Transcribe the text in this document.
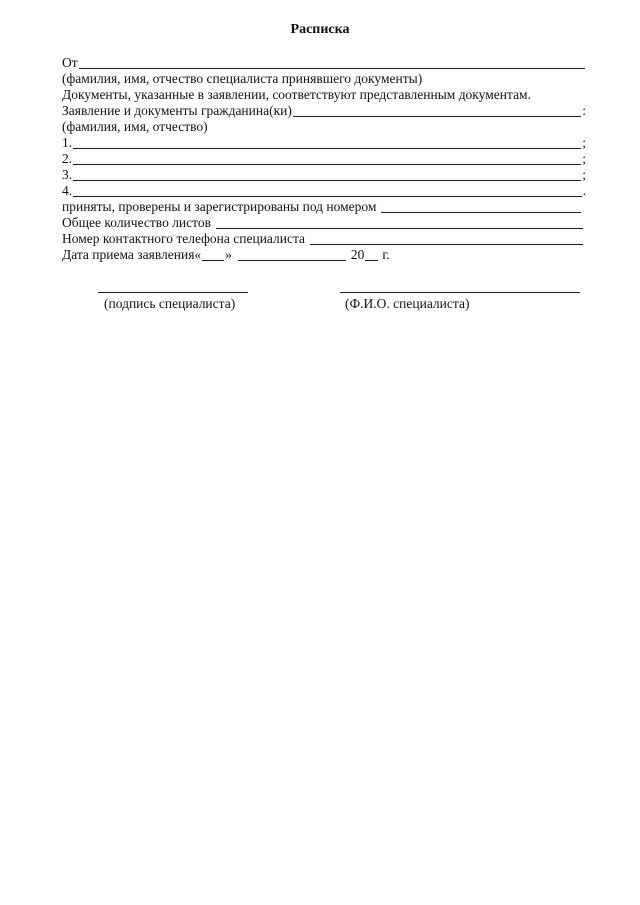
Расписка
От
(фамилия, имя, отчество специалиста принявшего документы)
Документы, указанные в заявлении, соответствуют представленным документам.
Заявление и документы гражданина(ки)	:
(фамилия, имя, отчество)
1.	;
2.	;
3.	;
4.	.
приняты, проверены и зарегистрированы под номером
Общее количество листов
Номер контактного телефона специалиста
Дата приема заявления« »	20 г.
(подпись специалиста)	(Ф.И.О. специалиста)
